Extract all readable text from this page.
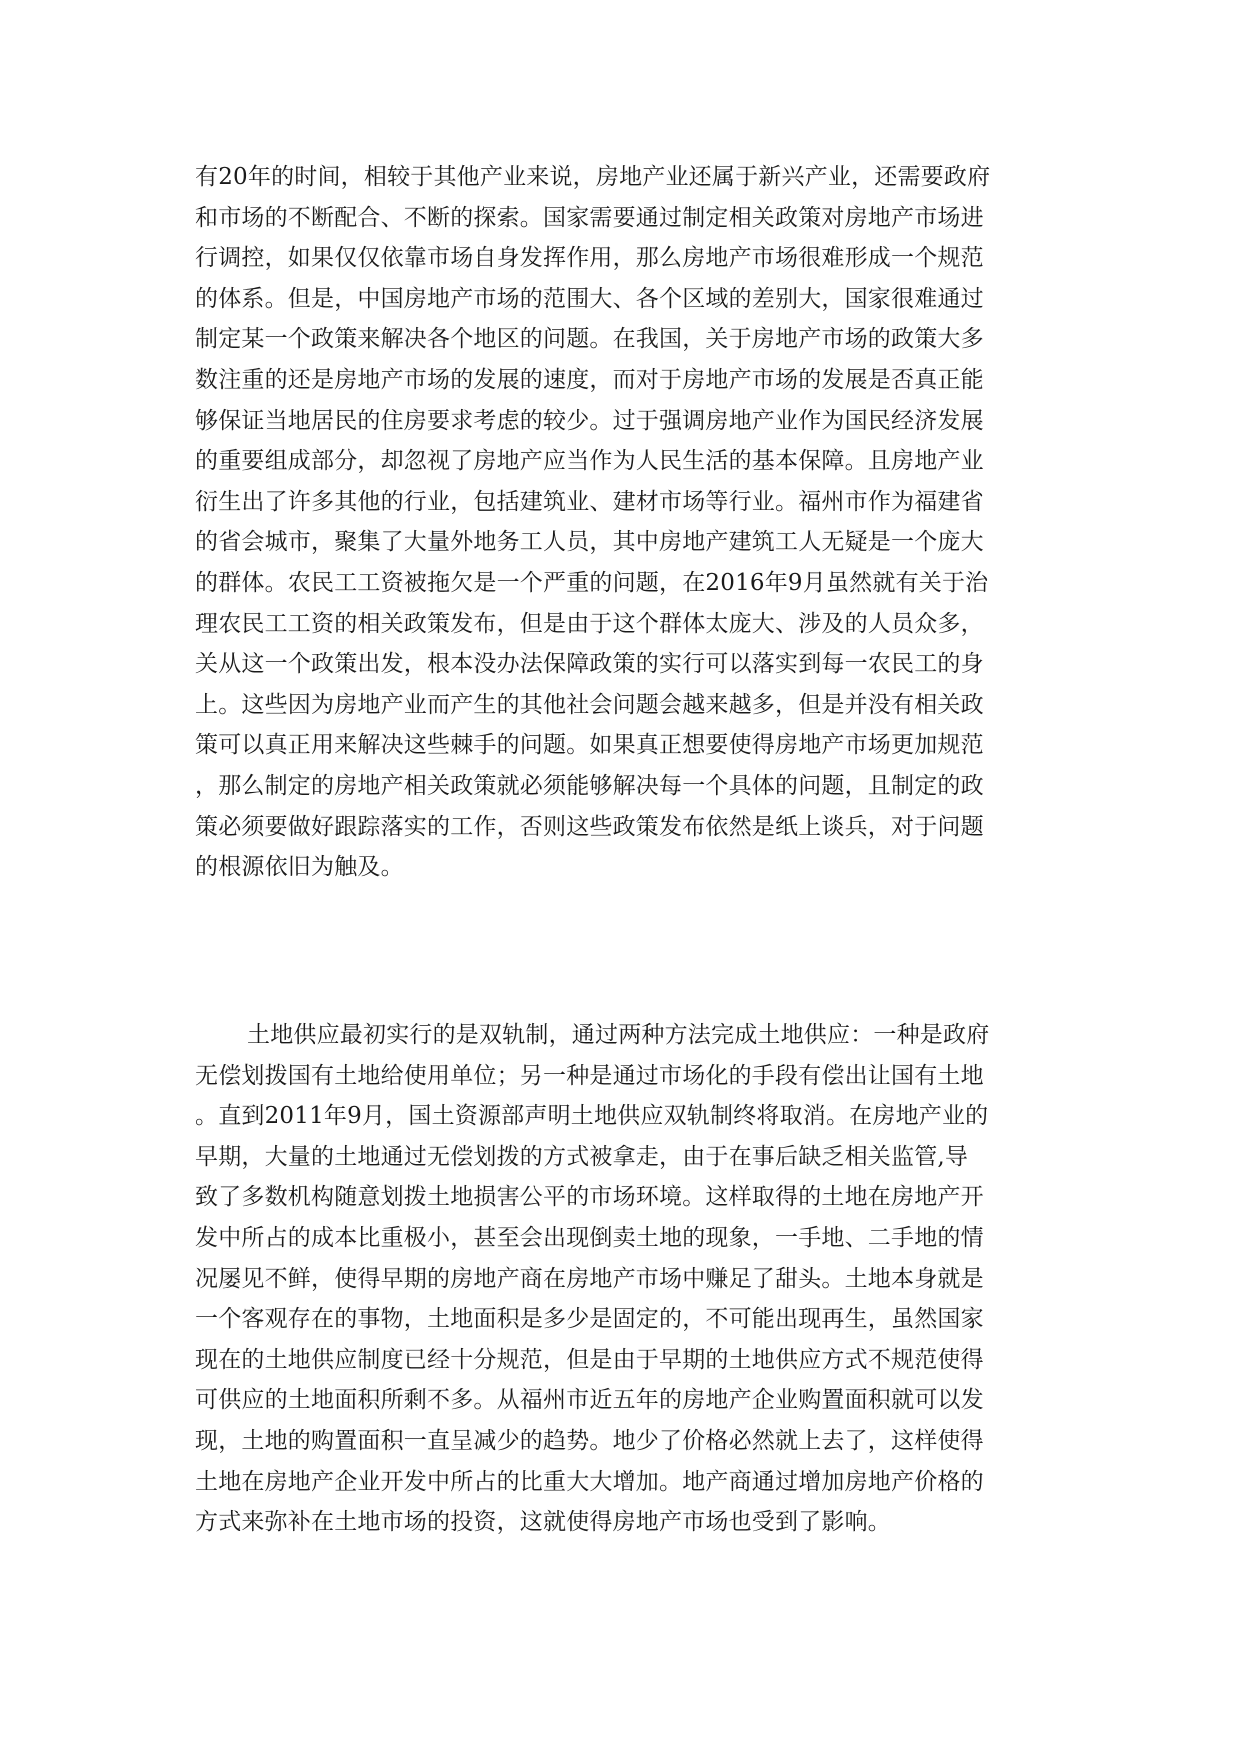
有20年的时间，相较于其他产业来说，房地产业还属于新兴产业，还需要政府
和市场的不断配合、不断的探索。国家需要通过制定相关政策对房地产市场进
行调控，如果仅仅依靠市场自身发挥作用，那么房地产市场很难形成一个规范
的体系。但是，中国房地产市场的范围大、各个区域的差别大，国家很难通过
制定某一个政策来解决各个地区的问题。在我国，关于房地产市场的政策大多
数注重的还是房地产市场的发展的速度，而对于房地产市场的发展是否真正能
够保证当地居民的住房要求考虑的较少。过于强调房地产业作为国民经济发展
的重要组成部分，却忽视了房地产应当作为人民生活的基本保障。且房地产业
衍生出了许多其他的行业，包括建筑业、建材市场等行业。福州市作为福建省
的省会城市，聚集了大量外地务工人员，其中房地产建筑工人无疑是一个庞大
的群体。农民工工资被拖欠是一个严重的问题，在2016年9月虽然就有关于治
理农民工工资的相关政策发布，但是由于这个群体太庞大、涉及的人员众多，
关从这一个政策出发，根本没办法保障政策的实行可以落实到每一农民工的身
上。这些因为房地产业而产生的其他社会问题会越来越多，但是并没有相关政
策可以真正用来解决这些棘手的问题。如果真正想要使得房地产市场更加规范
，那么制定的房地产相关政策就必须能够解决每一个具体的问题，且制定的政
策必须要做好跟踪落实的工作，否则这些政策发布依然是纸上谈兵，对于问题
的根源依旧为触及。
土地供应最初实行的是双轨制，通过两种方法完成土地供应：一种是政府
无偿划拨国有土地给使用单位；另一种是通过市场化的手段有偿出让国有土地
。直到2011年9月，国土资源部声明土地供应双轨制终将取消。在房地产业的
早期，大量的土地通过无偿划拨的方式被拿走，由于在事后缺乏相关监管,导
致了多数机构随意划拨土地损害公平的市场环境。这样取得的土地在房地产开
发中所占的成本比重极小，甚至会出现倒卖土地的现象，一手地、二手地的情
况屡见不鲜，使得早期的房地产商在房地产市场中赚足了甜头。土地本身就是
一个客观存在的事物，土地面积是多少是固定的，不可能出现再生，虽然国家
现在的土地供应制度已经十分规范，但是由于早期的土地供应方式不规范使得
可供应的土地面积所剩不多。从福州市近五年的房地产企业购置面积就可以发
现，土地的购置面积一直呈减少的趋势。地少了价格必然就上去了，这样使得
土地在房地产企业开发中所占的比重大大增加。地产商通过增加房地产价格的
方式来弥补在土地市场的投资，这就使得房地产市场也受到了影响。
